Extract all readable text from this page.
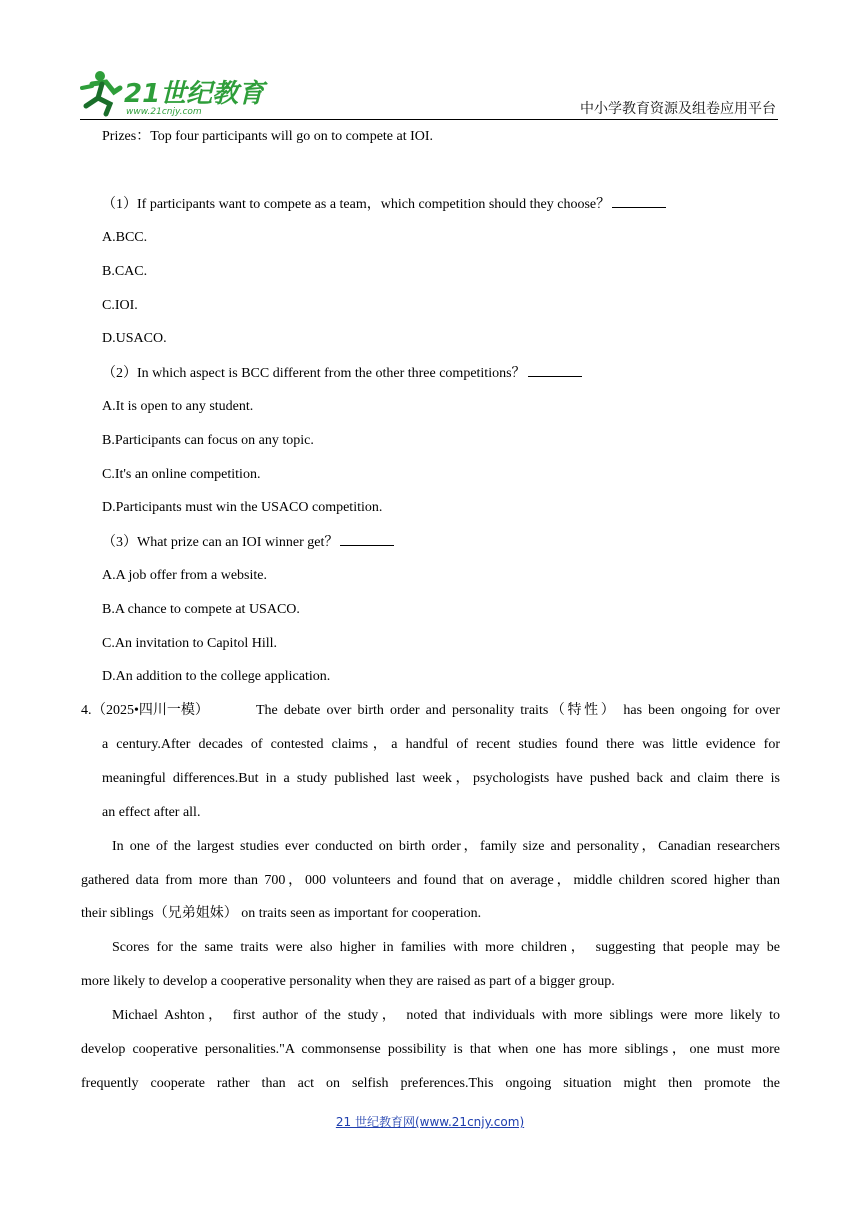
21世纪教育
www.21cnjy.com	中小学教育资源及组卷应用平台
Prizes：Top four participants will go on to compete at IOI.
（1）If participants want to compete as a team，which competition should they choose？
A.BCC.
B.CAC.
C.IOI.
D.USACO.
（2）In which aspect is BCC different from the other three competitions？
A.It is open to any student.
B.Participants can focus on any topic.
C.It's an online competition.
D.Participants must win the USACO competition.
（3）What prize can an IOI winner get？
A.A job offer from a website.
B.A chance to compete at USACO.
C.An invitation to Capitol Hill.
D.An addition to the college application.
4. （2025•四川一模）	The debate over birth order and personality traits（特性） has been ongoing for over
a century.After decades of contested claims，a handful of recent studies found there was little evidence for
meaningful differences.But in a study published last week，psychologists have pushed back and claim there is
an effect after all.
In one of the largest studies ever conducted on birth order，family size and personality，Canadian researchers
gathered data from more than 700，000 volunteers and found that on average，middle children scored higher than
their siblings（兄弟姐妹） on traits seen as important for cooperation.
Scores for the same traits were also higher in families with more children， suggesting that people may be
more likely to develop a cooperative personality when they are raised as part of a bigger group.
Michael Ashton， first author of the study， noted that individuals with more siblings were more likely to
develop cooperative personalities."A commonsense possibility is that when one has more siblings，one must more
frequently cooperate rather than act on selfish preferences.This ongoing situation might then promote the
21 世纪教育网(www.21cnjy.com)
